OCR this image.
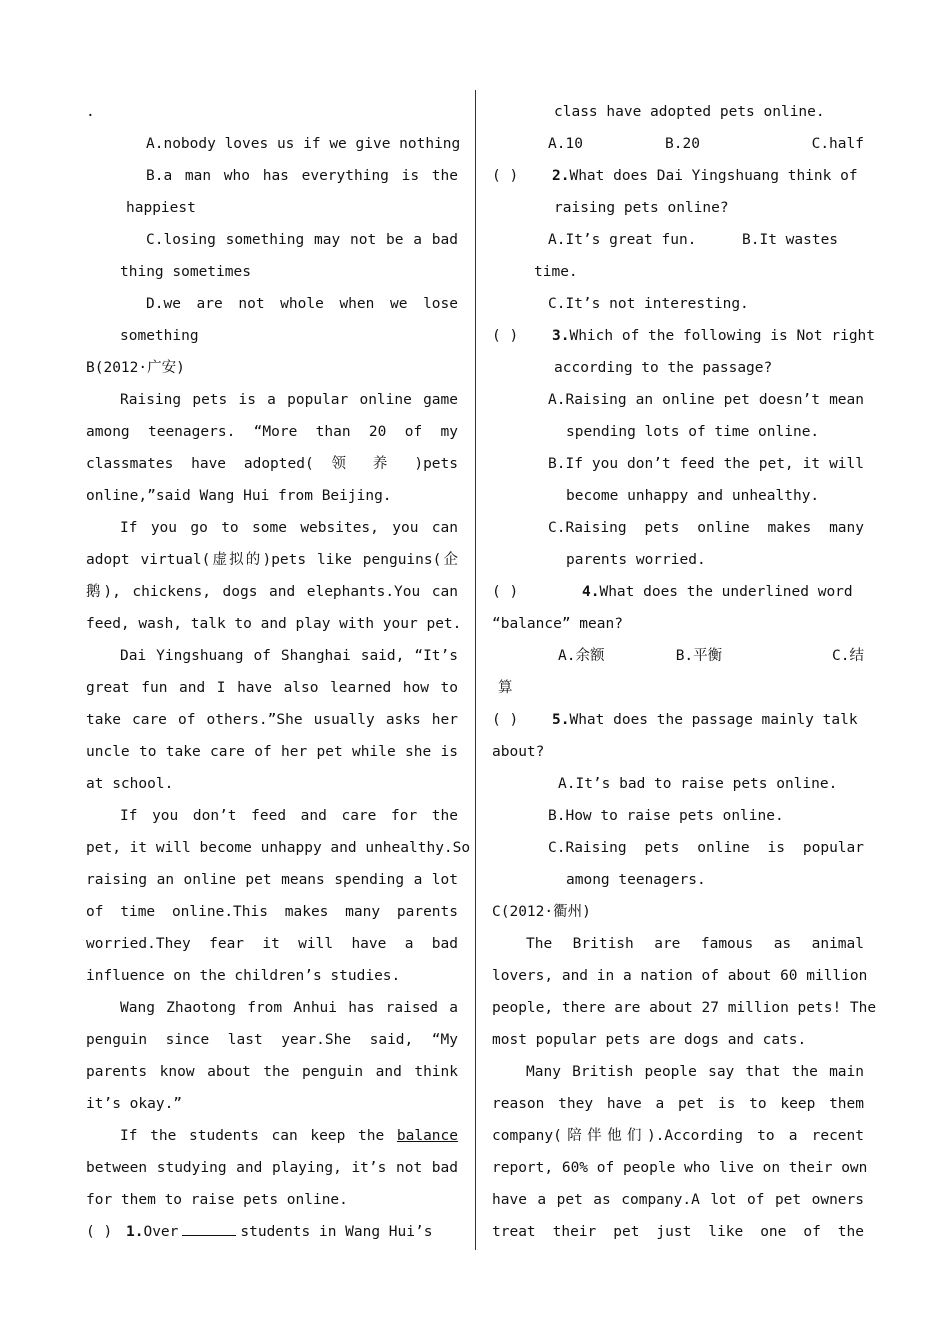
.
A.nobody loves us if we give nothing
B.a man who has everything is the
happiest
C.losing something may not be a bad
thing sometimes
D.we are not whole when we lose
something
B(2012·广安)
Raising pets is a popular online game
among teenagers. “More than 20 of my
classmates have adopted( 领 养 )pets
online,”said Wang Hui from Beijing.
If you go to some websites, you can
adopt virtual(虚拟的)pets like penguins(企
鹅), chickens, dogs and elephants.You can
feed, wash, talk to and play with your pet.
Dai Yingshuang of Shanghai said, “It’s
great fun and I have also learned how to
take care of others.”She usually asks her
uncle to take care of her pet while she is
at school.
If you don’t feed and care for the
pet, it will become unhappy and unhealthy.So
raising an online pet means spending a lot
of time online.This makes many parents
worried.They fear it will have a bad
influence on the children’s studies.
Wang Zhaotong from Anhui has raised a
penguin since last year.She said, “My
parents know about the penguin and think
it’s okay.”
If the students can keep the balance
between studying and playing, it’s not bad
for them to raise pets online.
( ) 1.Over	students in Wang Hui’s
class have adopted pets online.
A.10	B.20	C.half
( ) 2.What does Dai Yingshuang think of
raising pets online?
A.It’s great fun.	B.It wastes
time.
C.It’s not interesting.
( ) 3.Which of the following is Not right
according to the passage?
A.Raising an online pet doesn’t mean
spending lots of time online.
B.If you don’t feed the pet, it will
become unhappy and unhealthy.
C.Raising pets online makes many
parents worried.
( )	4.What does the underlined word
“balance” mean?
A.余额	B.平衡	C.结
算
( ) 5.What does the passage mainly talk
about?
A.It’s bad to raise pets online.
B.How to raise pets online.
C.Raising pets online is popular
among teenagers.
C(2012·衢州)
The British are famous as animal
lovers, and in a nation of about 60 million
people, there are about 27 million pets! The
most popular pets are dogs and cats.
Many British people say that the main
reason they have a pet is to keep them
company(陪伴他们).According to a recent
report, 60% of people who live on their own
have a pet as company.A lot of pet owners
treat their pet just like one of the
